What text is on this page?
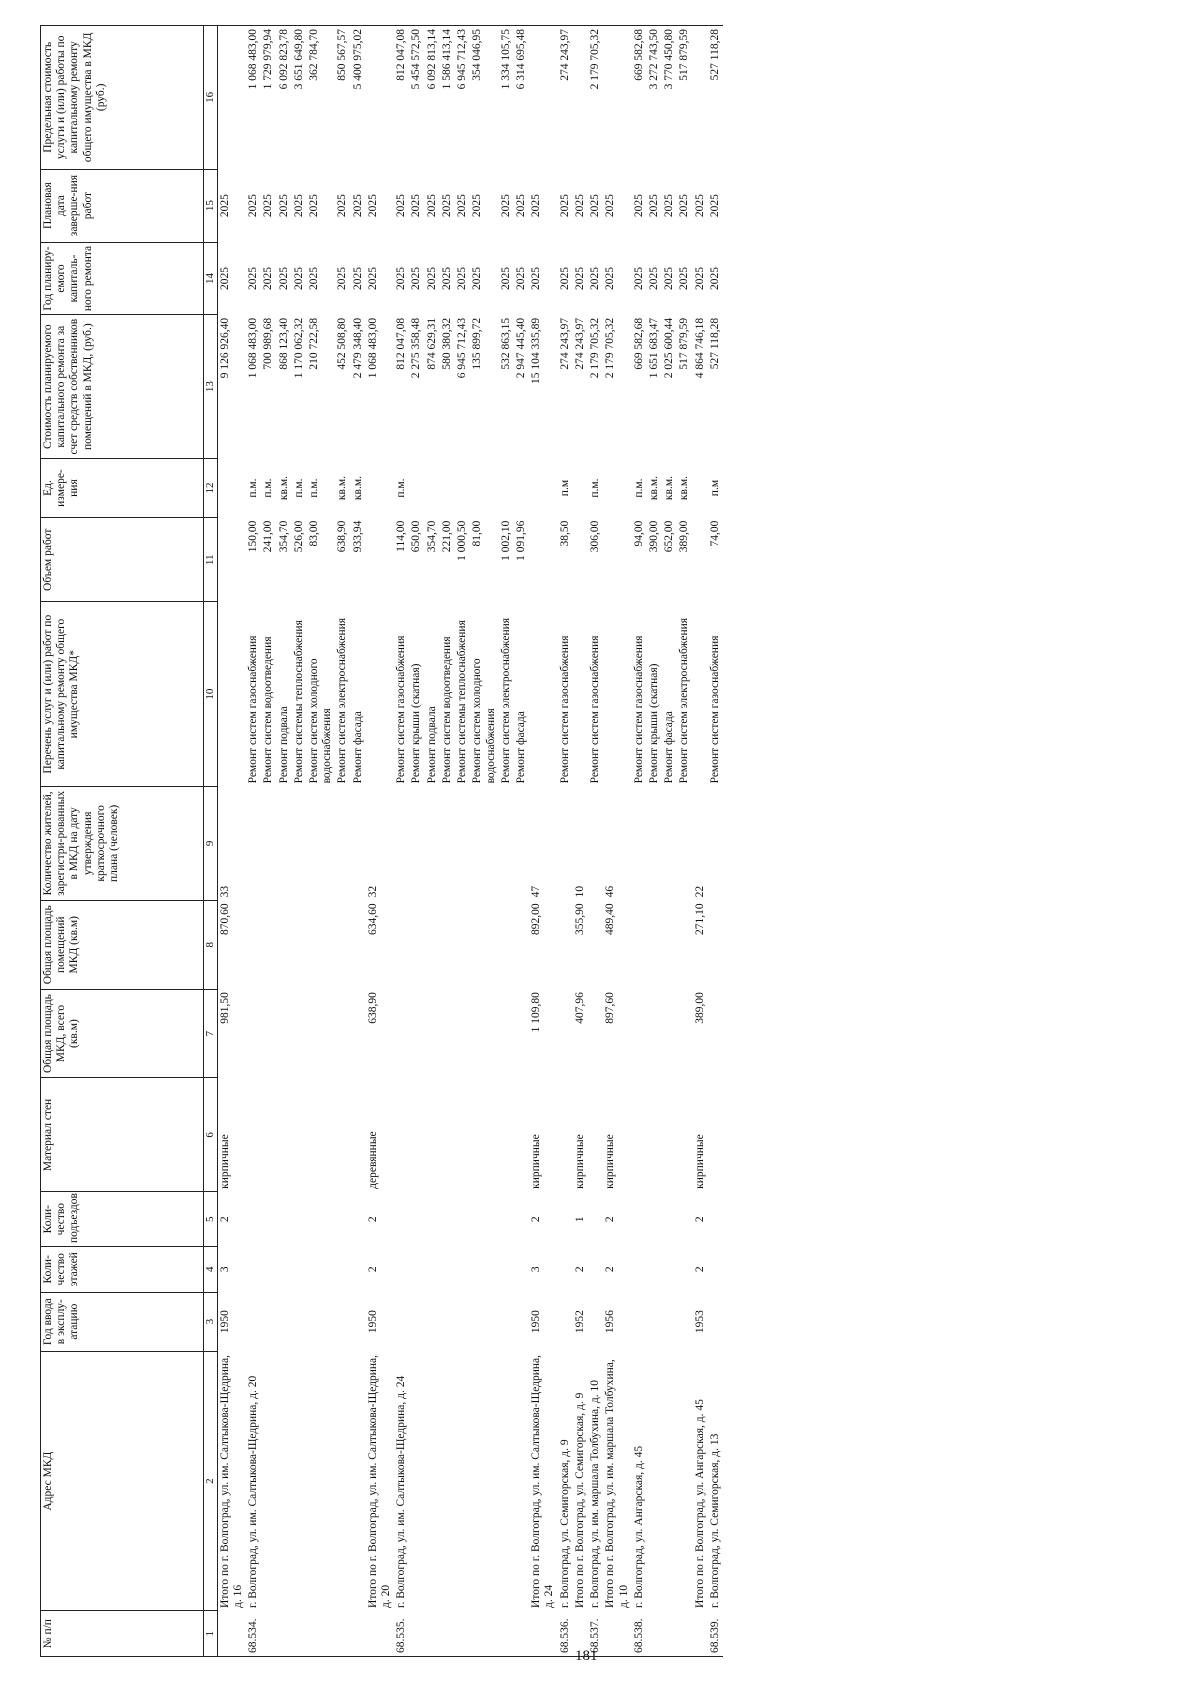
181
№ п/п	Адрес МКД	Год ввода в эксплу-атацию	Коли-чество этажей	Коли-чество подъездов	Материал стен	Общая площадь МКД, всего (кв.м)	Общая площадь помещений МКД (кв.м)	Количество жителей, зарегистри-рованных в МКД на дату утверждения краткосрочного плана (человек)	Перечень услуг и (или) работ по капитальному ремонту общего имущества МКД*	Объем работ	Ед. измере-ния	Стоимость планируемого капитального ремонта за счет средств собственников помещений в МКД, (руб.)	Год планиру-емого капиталь-ного ремонта	Плановая дата заверше-ния работ	Предельная стоимость услуги и (или) работы по капитальному ремонту общего имущества в МКД (руб.)
1	2	3	4	5	6	7	8	9	10	11	12	13	14	15	16
	Итого по г. Волгоград, ул. им. Салтыкова-Щедрина, д. 16	1950	3	2	кирпичные	981,50	870,60	33				9 126 926,40	2025	2025	
68.534.	г. Волгоград, ул. им. Салтыкова-Щедрина, д. 20								Ремонт систем газоснабжения	150,00	п.м.	1 068 483,00	2025	2025	1 068 483,00
									Ремонт систем водоотведения	241,00	п.м.	700 989,68	2025	2025	1 729 979,94
									Ремонт подвала	354,70	кв.м.	868 123,40	2025	2025	6 092 823,78
									Ремонт системы теплоснабжения	526,00	п.м.	1 170 062,32	2025	2025	3 651 649,80
									Ремонт систем холодного водоснабжения	83,00	п.м.	210 722,58	2025	2025	362 784,70
									Ремонт систем электроснабжения	638,90	кв.м.	452 508,80	2025	2025	850 567,57
									Ремонт фасада	933,94	кв.м.	2 479 348,40	2025	2025	5 400 975,02
	Итого по г. Волгоград, ул. им. Салтыкова-Щедрина, д. 20	1950	2	2	деревянные	638,90	634,60	32				1 068 483,00	2025	2025	
68.535.	г. Волгоград, ул. им. Салтыкова-Щедрина, д. 24								Ремонт систем газоснабжения	114,00	п.м.	812 047,08	2025	2025	812 047,08
									Ремонт крыши (скатная)	650,00		2 275 358,48	2025	2025	5 454 572,50
									Ремонт подвала	354,70		874 629,31	2025	2025	6 092 813,14
									Ремонт систем водоотведения	221,00		580 380,32	2025	2025	1 586 413,14
									Ремонт системы теплоснабжения	1 000,50		6 945 712,43	2025	2025	6 945 712,43
									Ремонт систем холодного водоснабжения	81,00		135 899,72	2025	2025	354 046,95
									Ремонт систем электроснабжения	1 002,10		532 863,15	2025	2025	1 334 105,75
									Ремонт фасада	1 091,96		2 947 445,40	2025	2025	6 314 695,48
	Итого по г. Волгоград, ул. им. Салтыкова-Щедрина, д. 24	1950	3	2	кирпичные	1 109,80	892,00	47				15 104 335,89	2025	2025	
68.536.	г. Волгоград, ул. Семигорская, д. 9								Ремонт систем газоснабжения	38,50	п.м	274 243,97	2025	2025	274 243,97
	Итого по г. Волгоград, ул. Семигорская, д. 9	1952	2	1	кирпичные	407,96	355,90	10				274 243,97	2025	2025	
68.537.	г. Волгоград, ул. им. маршала Толбухина, д. 10								Ремонт систем газоснабжения	306,00	п.м.	2 179 705,32	2025	2025	2 179 705,32
	Итого по г. Волгоград, ул. им. маршала Толбухина, д. 10	1956	2	2	кирпичные	897,60	489,40	46				2 179 705,32	2025	2025	
68.538.	г. Волгоград, ул. Ангарская, д. 45								Ремонт систем газоснабжения	94,00	п.м.	669 582,68	2025	2025	669 582,68
									Ремонт крыши (скатная)	390,00	кв.м.	1 651 683,47	2025	2025	3 272 743,50
									Ремонт фасада	652,00	кв.м.	2 025 600,44	2025	2025	3 770 450,80
									Ремонт систем электроснабжения	389,00	кв.м.	517 879,59	2025	2025	517 879,59
	Итого по г. Волгоград, ул. Ангарская, д. 45	1953	2	2	кирпичные	389,00	271,10	22				4 864 746,18	2025	2025	
68.539.	г. Волгоград, ул. Семигорская, д. 13								Ремонт систем газоснабжения	74,00	п.м	527 118,28	2025	2025	527 118,28
